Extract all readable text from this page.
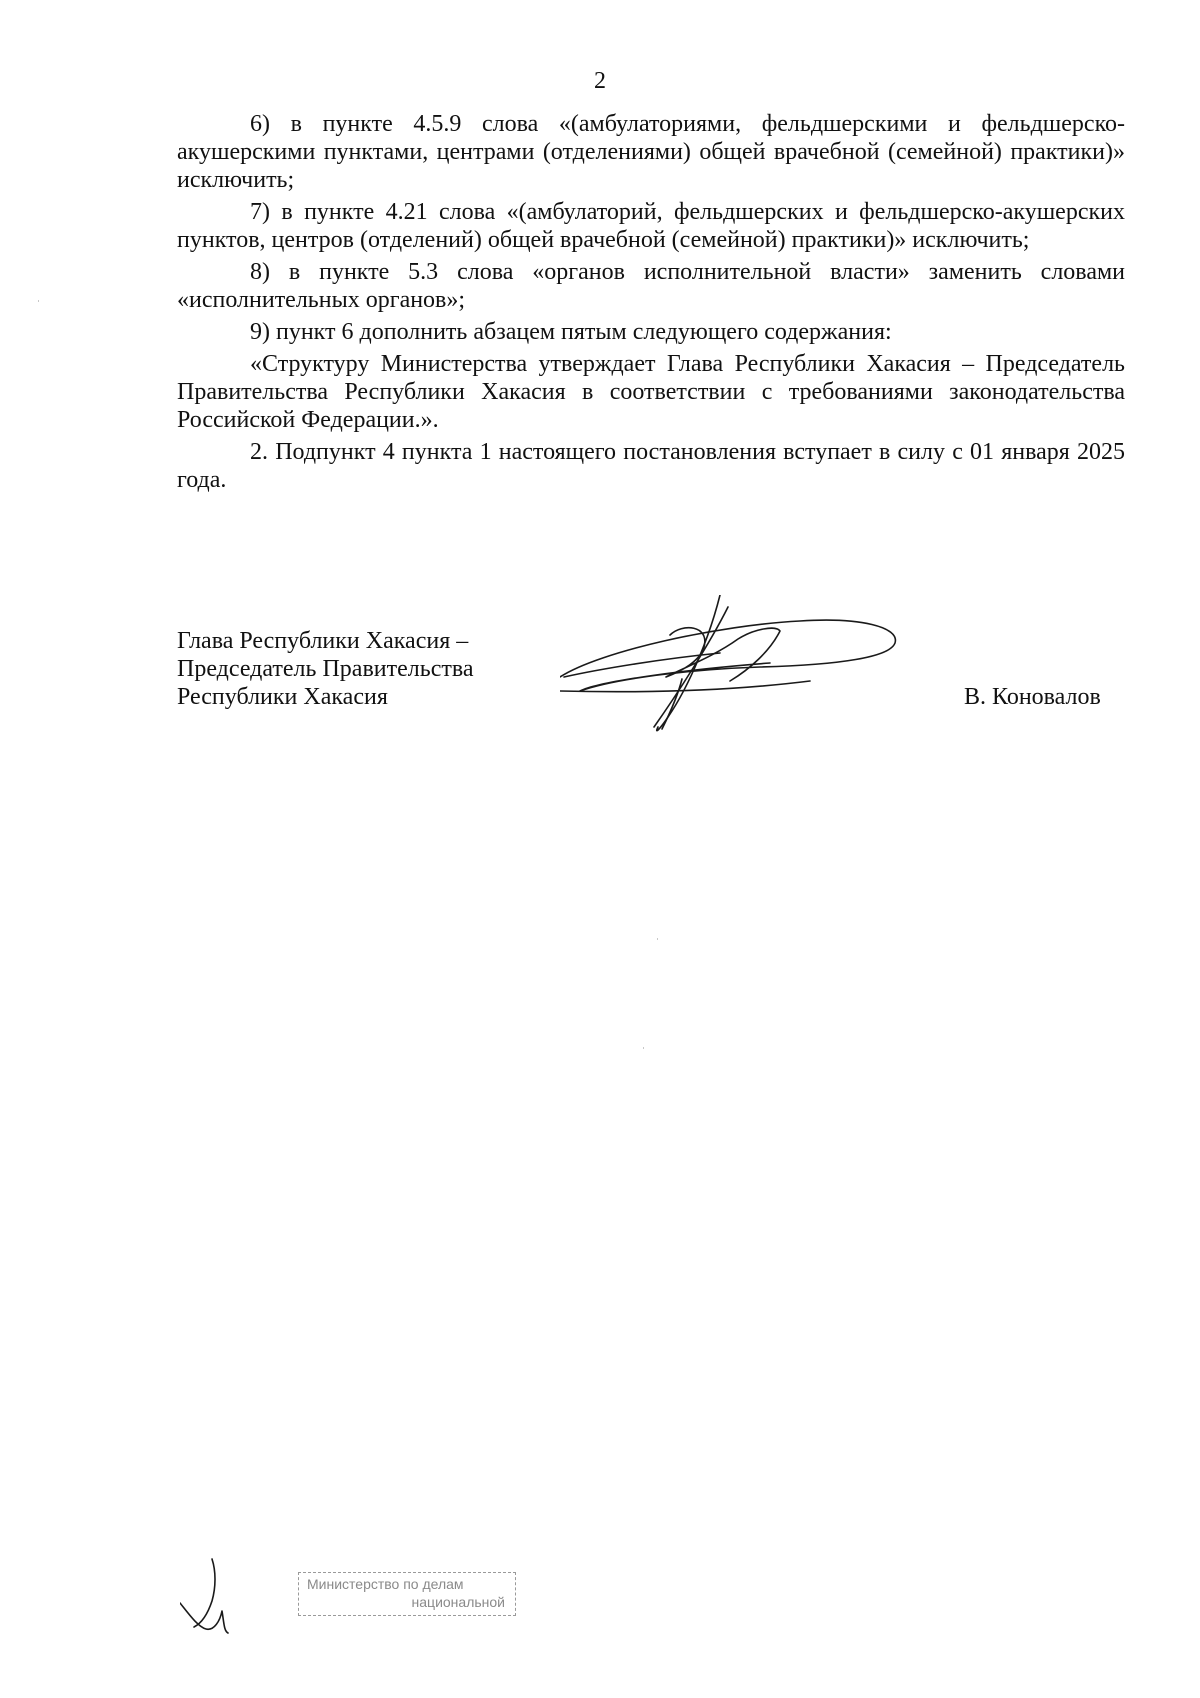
2

6) в пункте 4.5.9 слова «(амбулаториями, фельдшерскими и фельдшерско-акушерскими пунктами, центрами (отделениями) общей врачебной (семейной) практики)» исключить;

7) в пункте 4.21 слова «(амбулаторий, фельдшерских и фельдшерско-акушерских пунктов, центров (отделений) общей врачебной (семейной) практики)» исключить;

8) в пункте 5.3 слова «органов исполнительной власти» заменить словами «исполнительных органов»;

9) пункт 6 дополнить абзацем пятым следующего содержания:

«Структуру Министерства утверждает Глава Республики Хакасия – Председатель Правительства Республики Хакасия в соответствии с требованиями законодательства Российской Федерации.».

2. Подпункт 4 пункта 1 настоящего постановления вступает в силу с 01 января 2025 года.

Глава Республики Хакасия –
Председатель Правительства
Республики Хакасия	В. Коновалов
Министерство по делам
национальной
